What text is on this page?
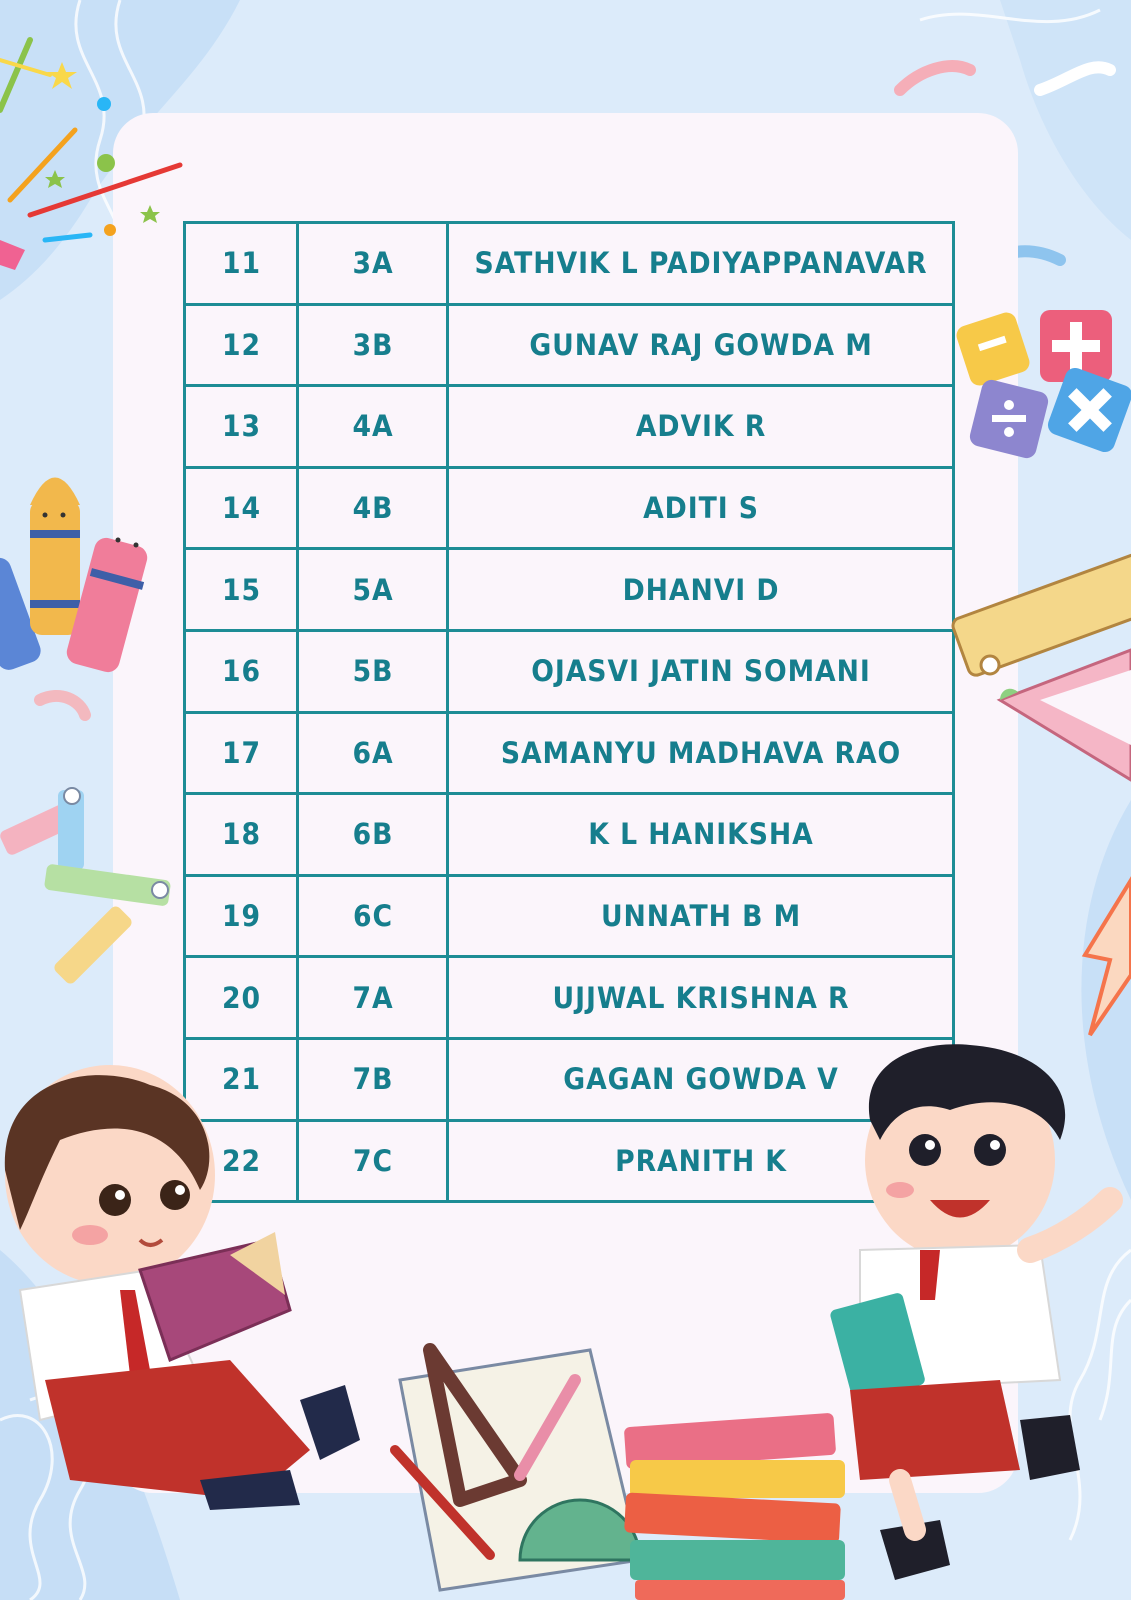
11	3A	SATHVIK L PADIYAPPANAVAR
12	3B	GUNAV RAJ GOWDA M
13	4A	ADVIK R
14	4B	ADITI S
15	5A	DHANVI D
16	5B	OJASVI JATIN SOMANI
17	6A	SAMANYU MADHAVA RAO
18	6B	K L HANIKSHA
19	6C	UNNATH B M
20	7A	UJJWAL KRISHNA R
21	7B	GAGAN GOWDA V
22	7C	PRANITH K
